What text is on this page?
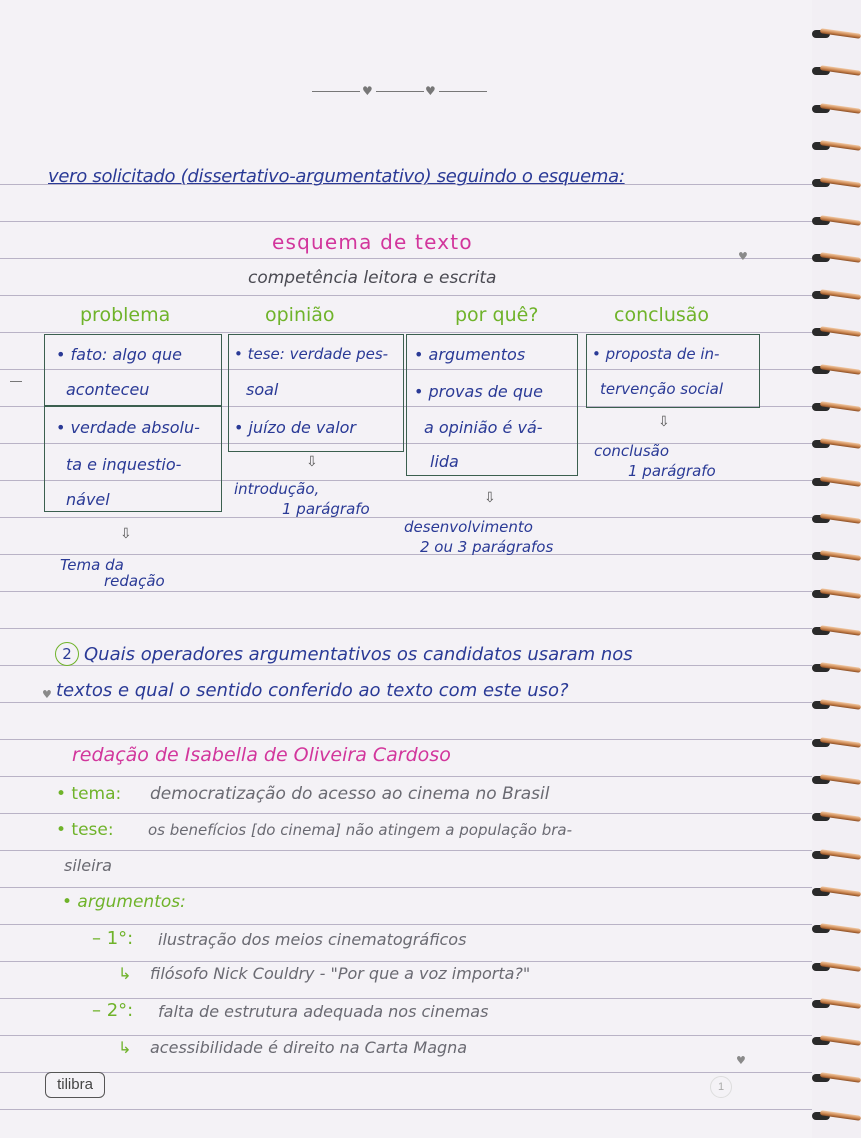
♥	♥
♥
♥
♥
vero solicitado (dissertativo-argumentativo) seguindo o esquema:
esquema de texto
competência leitora e escrita
problema	opinião	por quê?	conclusão
• fato: algo que
aconteceu
• verdade absolu-
ta e inquestio-
nável
⇩
Tema da
redação
• tese: verdade pes-
soal
• juízo de valor
⇩
introdução,
1 parágrafo
• argumentos
• provas de que
a opinião é vá-
lida
⇩
desenvolvimento
2 ou 3 parágrafos
• proposta de in-
tervenção social
⇩
conclusão
1 parágrafo
2 Quais operadores argumentativos os candidatos usaram nos
textos e qual o sentido conferido ao texto com este uso?
redação de Isabella de Oliveira Cardoso
• tema: democratização do acesso ao cinema no Brasil
• tese: os benefícios [do cinema] não atingem a população bra-
sileira
• argumentos:
– 1°: ilustração dos meios cinematográficos
↳ filósofo Nick Couldry - "Por que a voz importa?"
– 2°: falta de estrutura adequada nos cinemas
↳ acessibilidade é direito na Carta Magna
tilibra	1
